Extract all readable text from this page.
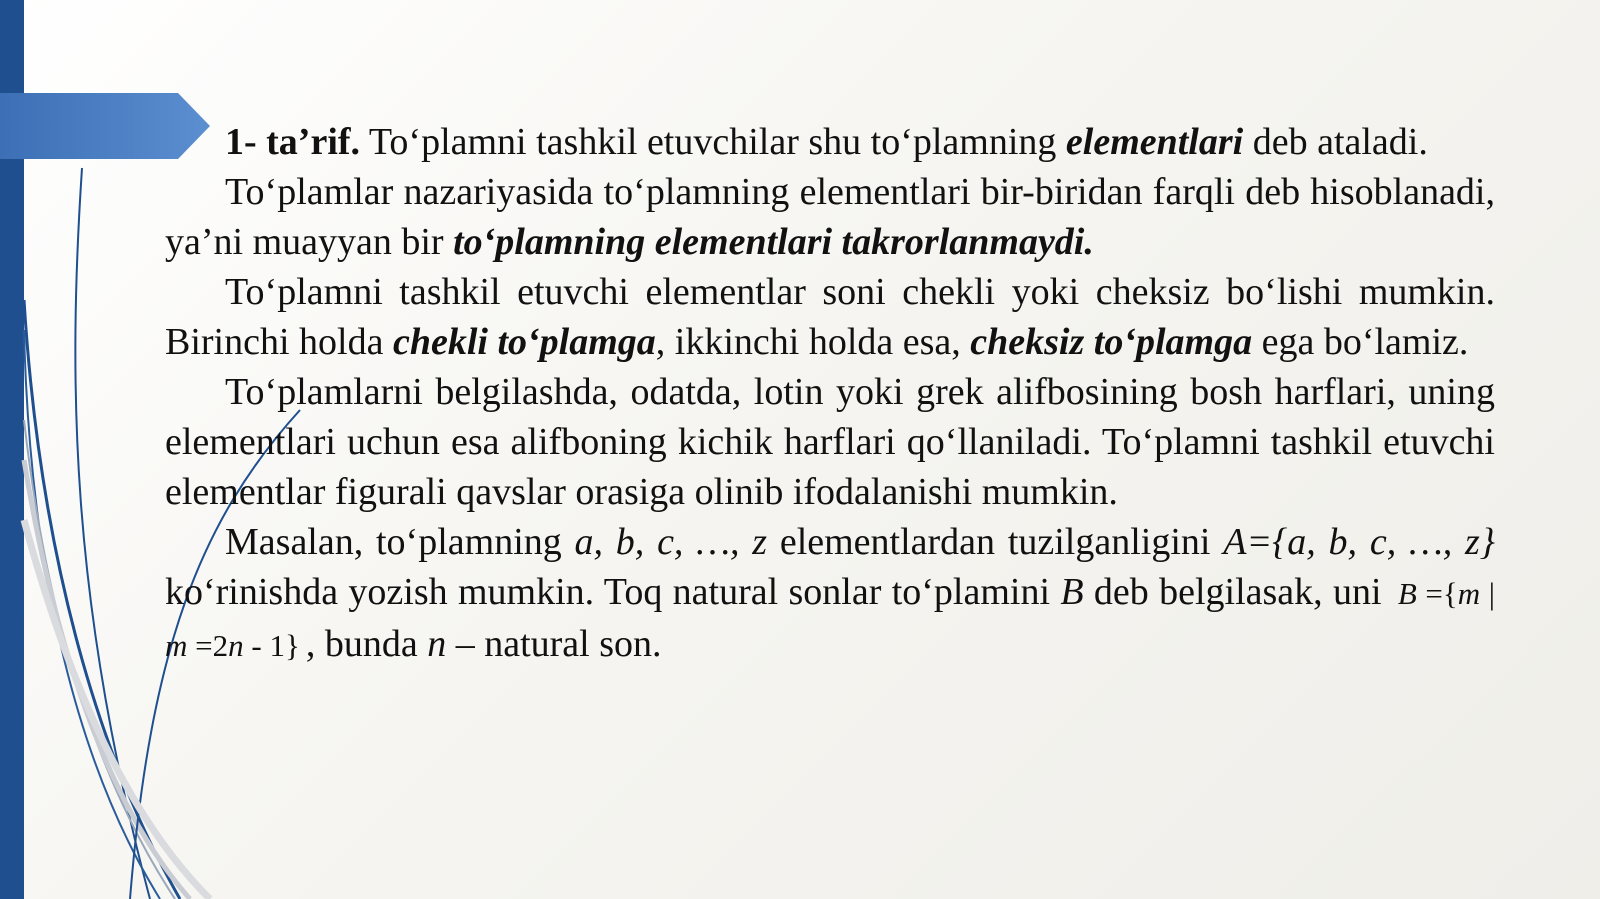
1- ta’rif. To‘plamni tashkil etuvchilar shu to‘plamning elementlari deb ataladi.

To‘plamlar nazariyasida to‘plamning elementlari bir-biridan farqli deb hisoblanadi, ya’ni muayyan bir to‘plamning elementlari takrorlanmaydi.

To‘plamni tashkil etuvchi elementlar soni chekli yoki cheksiz bo‘lishi mumkin. Birinchi holda chekli to‘plamga, ikkinchi holda esa, cheksiz to‘plamga ega bo‘lamiz.

To‘plamlarni belgilashda, odatda, lotin yoki grek alifbosining bosh harflari, uning elementlari uchun esa alifboning kichik harflari qo‘llaniladi. To‘plamni tashkil etuvchi elementlar figurali qavslar orasiga olinib ifodalanishi mumkin.

Masalan, to‘plamning a, b, c, …, z elementlardan tuzilganligini A={a, b, c, …, z} ko‘rinishda yozish mumkin. Toq natural sonlar to‘plamini B deb belgilasak, uni B ={m | m =2n - 1} , bunda n – natural son.
